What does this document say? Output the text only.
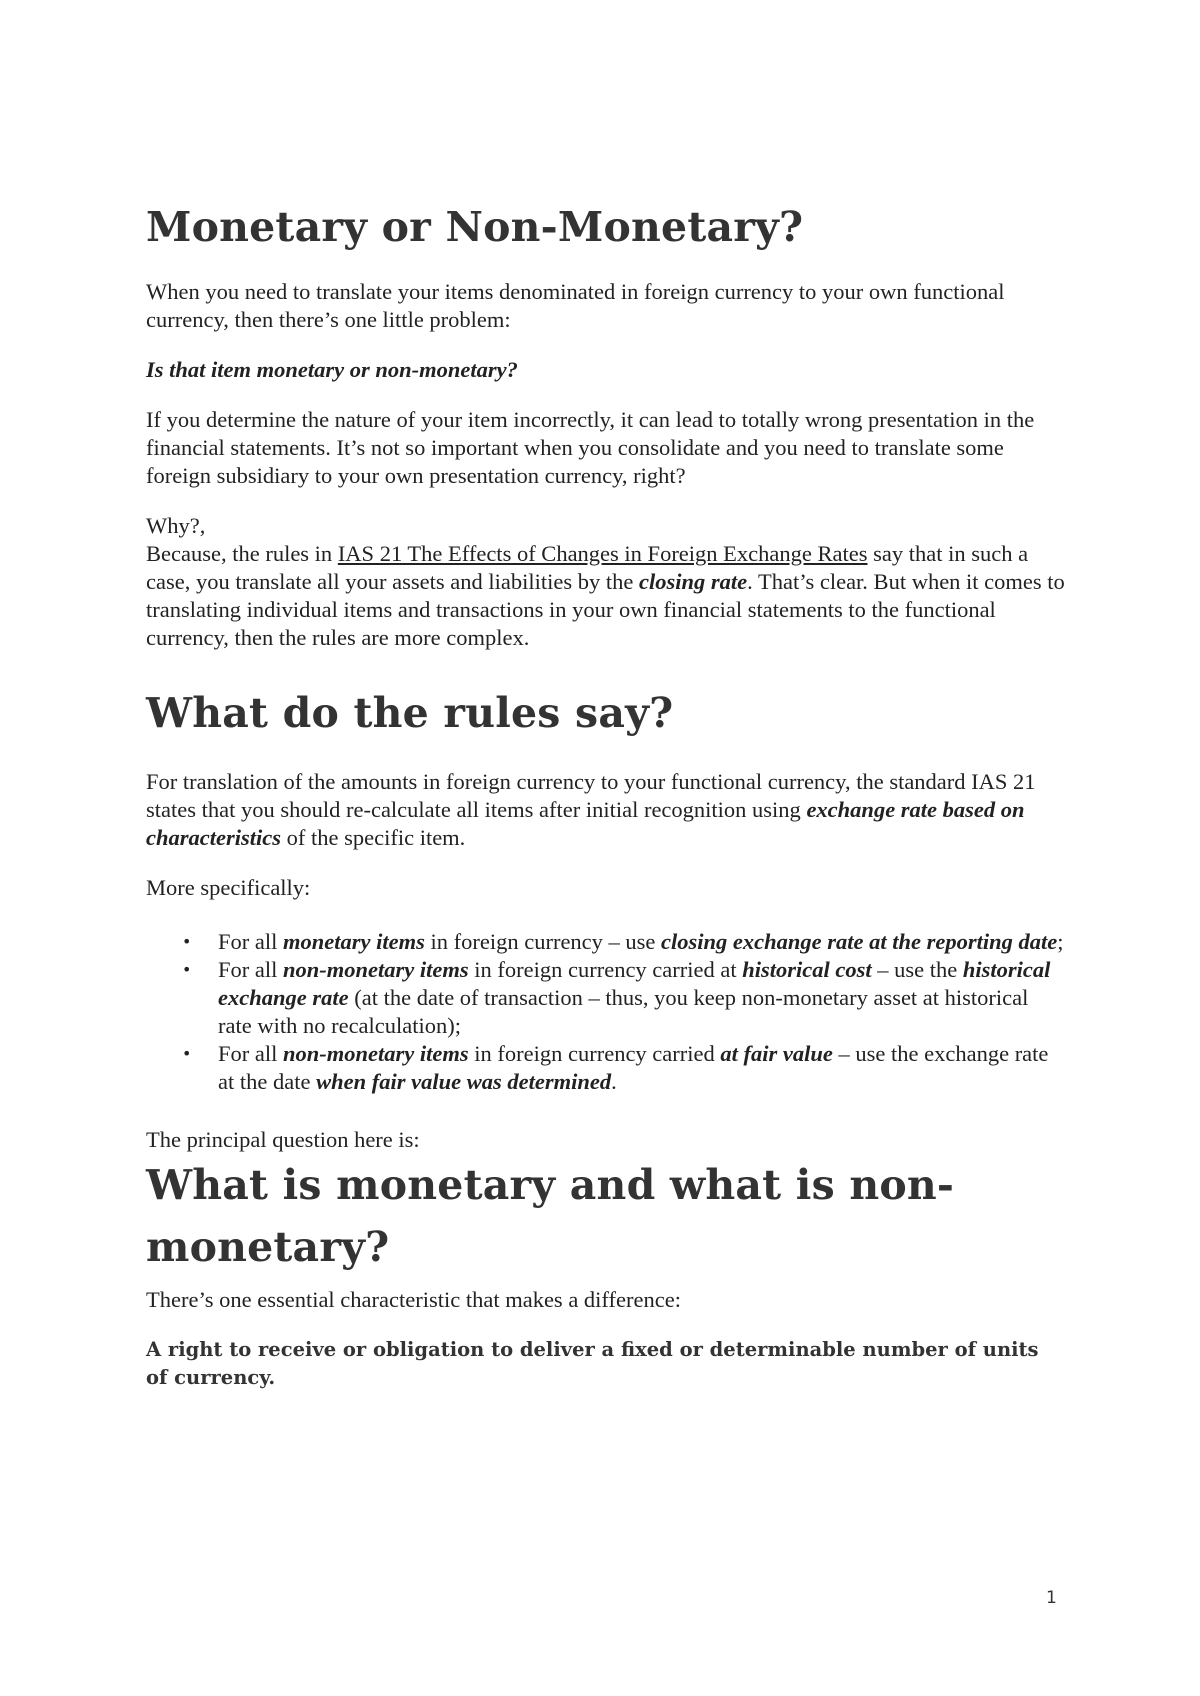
Monetary or Non-Monetary?

When you need to translate your items denominated in foreign currency to your own functional currency, then there’s one little problem:

Is that item monetary or non-monetary?

If you determine the nature of your item incorrectly, it can lead to totally wrong presentation in the financial statements. It’s not so important when you consolidate and you need to translate some foreign subsidiary to your own presentation currency, right?

Why?,

Because, the rules in IAS 21 The Effects of Changes in Foreign Exchange Rates say that in such a case, you translate all your assets and liabilities by the closing rate. That’s clear. But when it comes to translating individual items and transactions in your own financial statements to the functional currency, then the rules are more complex.

What do the rules say?

For translation of the amounts in foreign currency to your functional currency, the standard IAS 21 states that you should re-calculate all items after initial recognition using exchange rate based on characteristics of the specific item.

More specifically:

• For all monetary items in foreign currency – use closing exchange rate at the reporting date;
• For all non-monetary items in foreign currency carried at historical cost – use the historical exchange rate (at the date of transaction – thus, you keep non-monetary asset at historical rate with no recalculation);
• For all non-monetary items in foreign currency carried at fair value – use the exchange rate at the date when fair value was determined.

The principal question here is:

What is monetary and what is non-monetary?

There’s one essential characteristic that makes a difference:

A right to receive or obligation to deliver a fixed or determinable number of units of currency.
1
